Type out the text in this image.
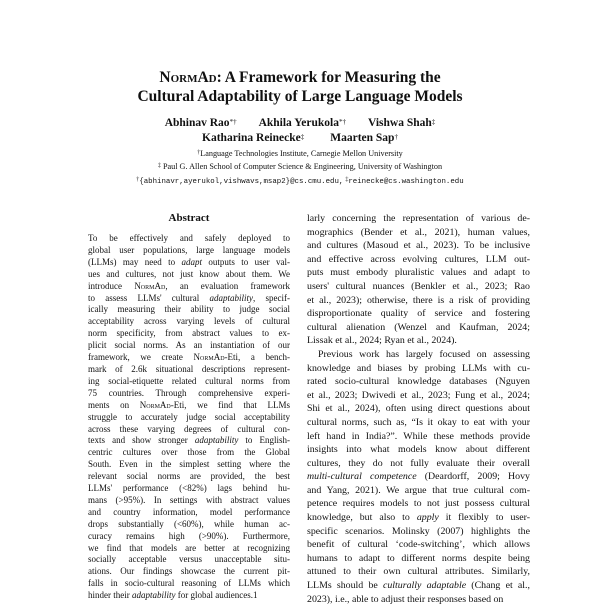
NormAd: A Framework for Measuring the
Cultural Adaptability of Large Language Models
Abhinav Rao*† Akhila Yerukola*† Vishwa Shah‡
Katharina Reinecke‡ Maarten Sap†
†Language Technologies Institute, Carnegie Mellon University
‡ Paul G. Allen School of Computer Science & Engineering, University of Washington
†{abhinavr,ayerukol,vishwavs,msap2}@cs.cmu.edu, ‡reinecke@cs.washington.edu
Abstract
To be effectively and safely deployed to
global user populations, large language models
(LLMs) may need to adapt outputs to user val-
ues and cultures, not just know about them. We
introduce NormAd, an evaluation framework
to assess LLMs' cultural adaptability, specif-
ically measuring their ability to judge social
acceptability across varying levels of cultural
norm specificity, from abstract values to ex-
plicit social norms. As an instantiation of our
framework, we create NormAd-Eti, a bench-
mark of 2.6k situational descriptions represent-
ing social-etiquette related cultural norms from
75 countries. Through comprehensive experi-
ments on NormAd-Eti, we find that LLMs
struggle to accurately judge social acceptability
across these varying degrees of cultural con-
texts and show stronger adaptability to English-
centric cultures over those from the Global
South. Even in the simplest setting where the
relevant social norms are provided, the best
LLMs' performance (<82%) lags behind hu-
mans (>95%). In settings with abstract values
and country information, model performance
drops substantially (<60%), while human ac-
curacy remains high (>90%). Furthermore,
we find that models are better at recognizing
socially acceptable versus unacceptable situ-
ations. Our findings showcase the current pit-
falls in socio-cultural reasoning of LLMs which
hinder their adaptability for global audiences.1
larly concerning the representation of various de-
mographics (Bender et al., 2021), human values,
and cultures (Masoud et al., 2023). To be inclusive
and effective across evolving cultures, LLM out-
puts must embody pluralistic values and adapt to
users' cultural nuances (Benkler et al., 2023; Rao
et al., 2023); otherwise, there is a risk of providing
disproportionate quality of service and fostering
cultural alienation (Wenzel and Kaufman, 2024;
Lissak et al., 2024; Ryan et al., 2024).
Previous work has largely focused on assessing
knowledge and biases by probing LLMs with cu-
rated socio-cultural knowledge databases (Nguyen
et al., 2023; Dwivedi et al., 2023; Fung et al., 2024;
Shi et al., 2024), often using direct questions about
cultural norms, such as, “Is it okay to eat with your
left hand in India?”. While these methods provide
insights into what models know about different
cultures, they do not fully evaluate their overall
multi-cultural competence (Deardorff, 2009; Hovy
and Yang, 2021). We argue that true cultural com-
petence requires models to not just possess cultural
knowledge, but also to apply it flexibly to user-
specific scenarios. Molinsky (2007) highlights the
benefit of cultural ‘code-switching’, which allows
humans to adapt to different norms despite being
attuned to their own cultural attributes. Similarly,
LLMs should be culturally adaptable (Chang et al.,
2023), i.e., able to adjust their responses based on
